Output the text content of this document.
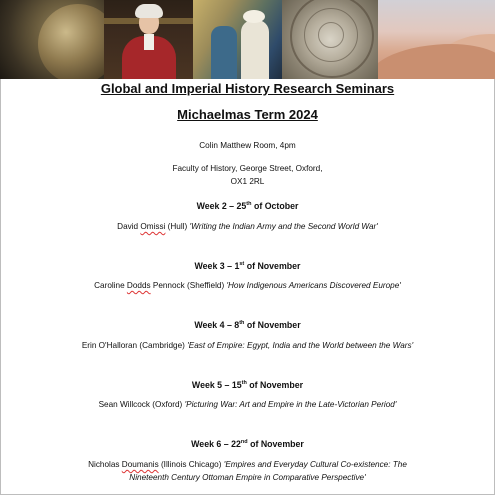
Global and Imperial History Research Seminars
Michaelmas Term 2024
Colin Matthew Room, 4pm
Faculty of History, George Street, Oxford,
OX1 2RL
Week 2 – 25th of October
David Omissi (Hull) 'Writing the Indian Army and the Second World War'
Week 3 – 1st of November
Caroline Dodds Pennock (Sheffield) 'How Indigenous Americans Discovered Europe'
Week 4 – 8th of November
Erin O'Halloran (Cambridge) 'East of Empire: Egypt, India and the World between the Wars'
Week 5 – 15th of November
Sean Willcock (Oxford) 'Picturing War: Art and Empire in the Late-Victorian Period'
Week 6 – 22nd of November
Nicholas Doumanis (Illinois Chicago) 'Empires and Everyday Cultural Co-existence: The
Nineteenth Century Ottoman Empire in Comparative Perspective'
